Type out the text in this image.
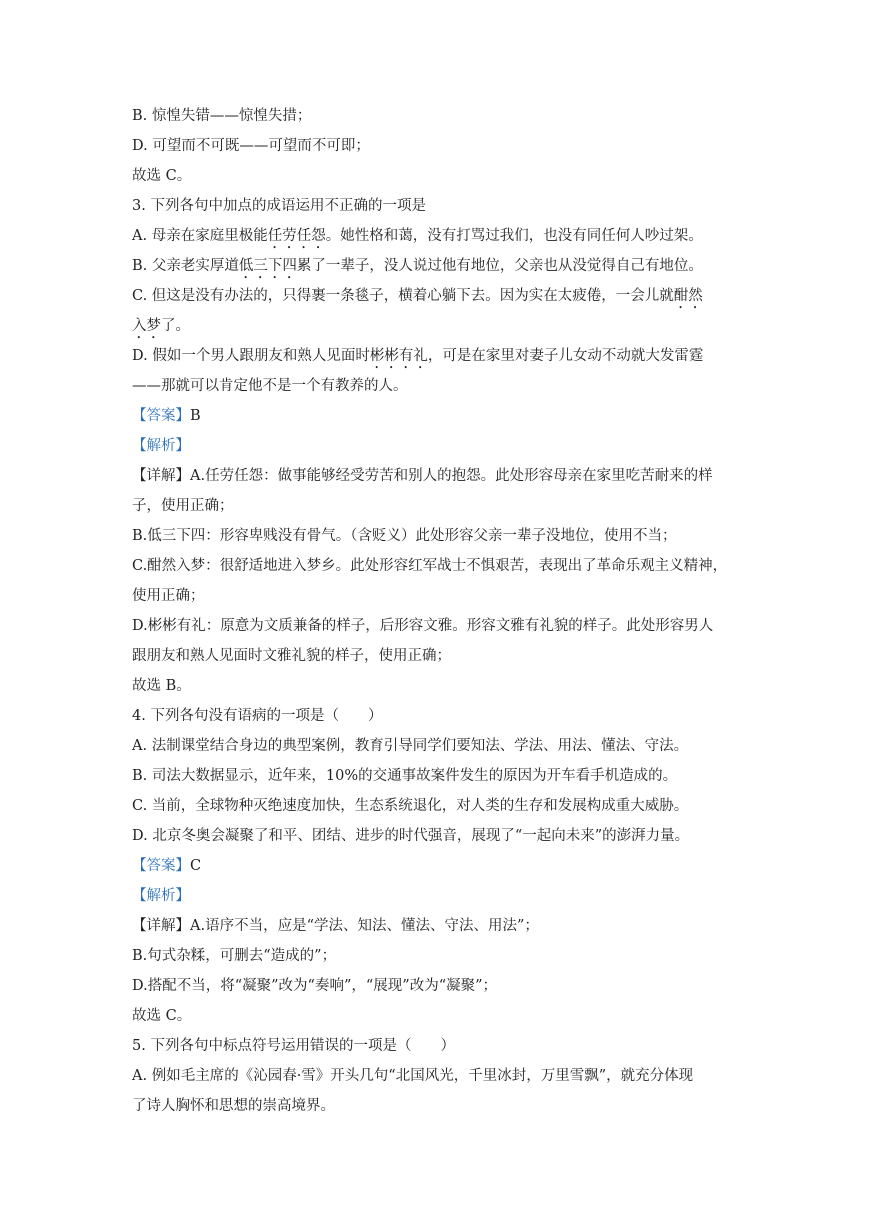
B. 惊惶失错——惊惶失措；
D. 可望而不可既——可望而不可即；
故选 C。
3. 下列各句中加点的成语运用不正确的一项是
A. 母亲在家庭里极能任劳任怨。她性格和蔼，没有打骂过我们，也没有同任何人吵过架。
B. 父亲老实厚道低三下四累了一辈子，没人说过他有地位，父亲也从没觉得自己有地位。
C. 但这是没有办法的，只得裹一条毯子，横着心躺下去。因为实在太疲倦，一会儿就酣然
入梦了。
D. 假如一个男人跟朋友和熟人见面时彬彬有礼，可是在家里对妻子儿女动不动就大发雷霆
——那就可以肯定他不是一个有教养的人。
【答案】B
【解析】
【详解】A.任劳任怨：做事能够经受劳苦和别人的抱怨。此处形容母亲在家里吃苦耐来的样
子，使用正确；
B.低三下四：形容卑贱没有骨气。（含贬义）此处形容父亲一辈子没地位，使用不当；
C.酣然入梦：很舒适地进入梦乡。此处形容红军战士不惧艰苦，表现出了革命乐观主义精神，
使用正确；
D.彬彬有礼：原意为文质兼备的样子，后形容文雅。形容文雅有礼貌的样子。此处形容男人
跟朋友和熟人见面时文雅礼貌的样子，使用正确；
故选 B。
4. 下列各句没有语病的一项是（　　）
A. 法制课堂结合身边的典型案例，教育引导同学们要知法、学法、用法、懂法、守法。
B. 司法大数据显示，近年来，10%的交通事故案件发生的原因为开车看手机造成的。
C. 当前，全球物种灭绝速度加快，生态系统退化，对人类的生存和发展构成重大威胁。
D. 北京冬奥会凝聚了和平、团结、进步的时代强音，展现了“一起向未来”的澎湃力量。
【答案】C
【解析】
【详解】A.语序不当，应是“学法、知法、懂法、守法、用法”；
B.句式杂糅，可删去“造成的”；
D.搭配不当，将“凝聚”改为“奏响”，“展现”改为“凝聚”；
故选 C。
5. 下列各句中标点符号运用错误的一项是（　　）
A. 例如毛主席的《沁园春·雪》开头几句“北国风光，千里冰封，万里雪飘”，就充分体现
了诗人胸怀和思想的崇高境界。
